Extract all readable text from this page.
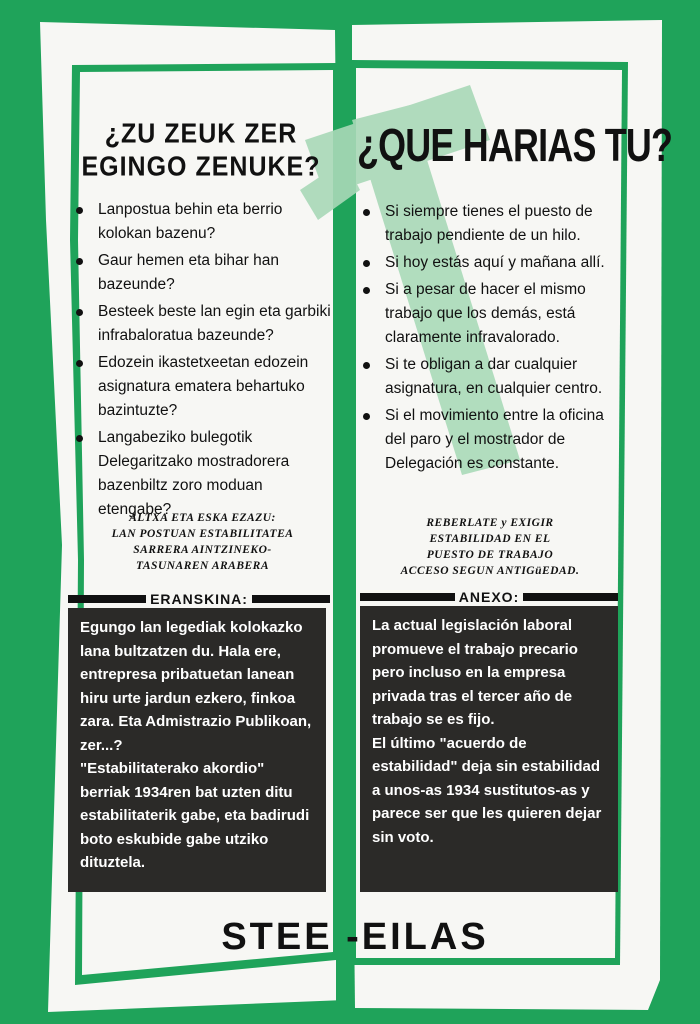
¿ZU ZEUK ZER
EGINGO ZENUKE?
Lanpostua behin eta berrio kolokan bazenu?
Gaur hemen eta bihar han bazeunde?
Besteek beste lan egin eta garbiki infrabaloratua bazeunde?
Edozein ikastetxeetan edozein asignatura ematera behartuko bazintuzte?
Langabeziko bulegotik Delegaritzako mostradorera bazenbiltz zoro moduan etengabe?
¿QUE HARIAS TU?
Si siempre tienes el puesto de trabajo pendiente de un hilo.
Si hoy estás aquí y mañana allí.
Si a pesar de hacer el mismo trabajo que los demás, está claramente infravalorado.
Si te obligan a dar cualquier asignatura, en cualquier centro.
Si el movimiento entre la oficina del paro y el mostrador de Delegación es constante.
ALTXA ETA ESKA EZAZU:
LAN POSTUAN ESTABILITATEA
SARRERA AINTZINEKO-
TASUNAREN ARABERA
REBERLATE y EXIGIR
ESTABILIDAD EN EL
PUESTO DE TRABAJO
ACCESO SEGUN ANTIGüEDAD.
ERANSKINA:	ANEXO:

Egungo lan legediak kolokazko lana bultzatzen du. Hala ere, entrepresa pribatuetan lanean hiru urte jardun ezkero, finkoa zara. Eta Admistrazio Publikoan, zer...?

"Estabilitaterako akordio" berriak 1934ren bat uzten ditu estabilitaterik gabe, eta badirudi boto eskubide gabe utziko dituztela.

La actual legislación laboral promueve el trabajo precario pero incluso en la empresa privada tras el tercer año de trabajo se es fijo.

El último "acuerdo de estabilidad" deja sin estabilidad a unos-as 1934 sustitutos-as y parece ser que les quieren dejar sin voto.

STEE -EILAS
